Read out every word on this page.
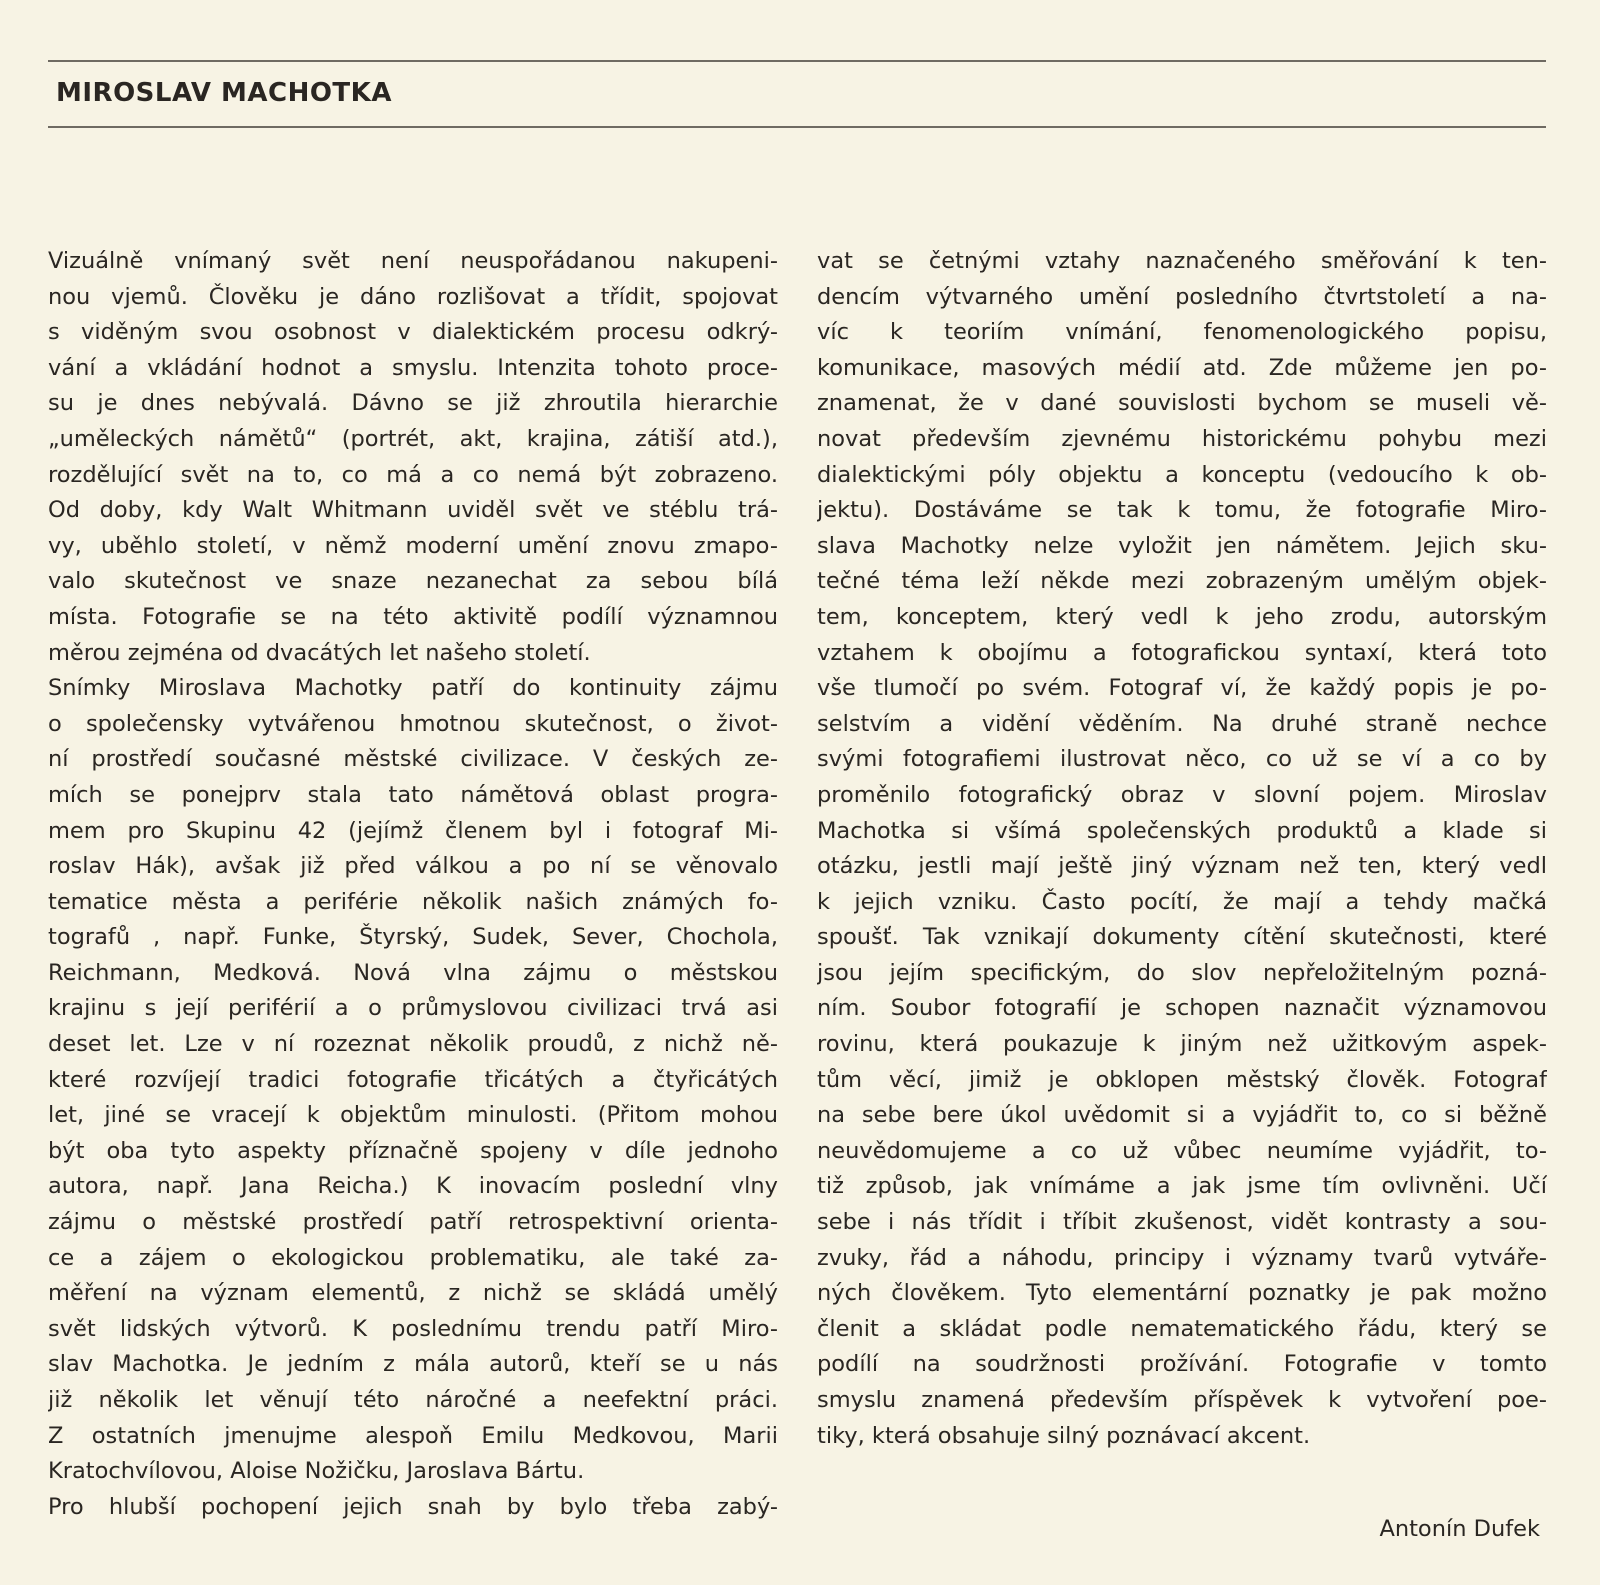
MIROSLAV MACHOTKA
Vizuálně vnímaný svět není neuspořádanou nakupeni-
nou vjemů. Člověku je dáno rozlišovat a třídit, spojovat
s viděným svou osobnost v dialektickém procesu odkrý-
vání a vkládání hodnot a smyslu. Intenzita tohoto proce-
su je dnes nebývalá. Dávno se již zhroutila hierarchie
„uměleckých námětů“ (portrét, akt, krajina, zátiší atd.),
rozdělující svět na to, co má a co nemá být zobrazeno.
Od doby, kdy Walt Whitmann uviděl svět ve stéblu trá-
vy, uběhlo století, v němž moderní umění znovu zmapo-
valo skutečnost ve snaze nezanechat za sebou bílá
místa. Fotografie se na této aktivitě podílí významnou
měrou zejména od dvacátých let našeho století.
Snímky Miroslava Machotky patří do kontinuity zájmu
o společensky vytvářenou hmotnou skutečnost, o život-
ní prostředí současné městské civilizace. V českých ze-
mích se ponejprv stala tato námětová oblast progra-
mem pro Skupinu 42 (jejímž členem byl i fotograf Mi-
roslav Hák), avšak již před válkou a po ní se věnovalo
tematice města a periférie několik našich známých fo-
tografů , např. Funke, Štyrský, Sudek, Sever, Chochola,
Reichmann, Medková. Nová vlna zájmu o městskou
krajinu s její periférií a o průmyslovou civilizaci trvá asi
deset let. Lze v ní rozeznat několik proudů, z nichž ně-
které rozvíjejí tradici fotografie třicátých a čtyřicátých
let, jiné se vracejí k objektům minulosti. (Přitom mohou
být oba tyto aspekty příznačně spojeny v díle jednoho
autora, např. Jana Reicha.) K inovacím poslední vlny
zájmu o městské prostředí patří retrospektivní orienta-
ce a zájem o ekologickou problematiku, ale také za-
měření na význam elementů, z nichž se skládá umělý
svět lidských výtvorů. K poslednímu trendu patří Miro-
slav Machotka. Je jedním z mála autorů, kteří se u nás
již několik let věnují této náročné a neefektní práci.
Z ostatních jmenujme alespoň Emilu Medkovou, Marii
Kratochvílovou, Aloise Nožičku, Jaroslava Bártu.
Pro hlubší pochopení jejich snah by bylo třeba zabý-
vat se četnými vztahy naznačeného směřování k ten-
dencím výtvarného umění posledního čtvrtstoletí a na-
víc k teoriím vnímání, fenomenologického popisu,
komunikace, masových médií atd. Zde můžeme jen po-
znamenat, že v dané souvislosti bychom se museli vě-
novat především zjevnému historickému pohybu mezi
dialektickými póly objektu a konceptu (vedoucího k ob-
jektu). Dostáváme se tak k tomu, že fotografie Miro-
slava Machotky nelze vyložit jen námětem. Jejich sku-
tečné téma leží někde mezi zobrazeným umělým objek-
tem, konceptem, který vedl k jeho zrodu, autorským
vztahem k obojímu a fotografickou syntaxí, která toto
vše tlumočí po svém. Fotograf ví, že každý popis je po-
selstvím a vidění věděním. Na druhé straně nechce
svými fotografiemi ilustrovat něco, co už se ví a co by
proměnilo fotografický obraz v slovní pojem. Miroslav
Machotka si všímá společenských produktů a klade si
otázku, jestli mají ještě jiný význam než ten, který vedl
k jejich vzniku. Často pocítí, že mají a tehdy mačká
spoušť. Tak vznikají dokumenty cítění skutečnosti, které
jsou jejím specifickým, do slov nepřeložitelným pozná-
ním. Soubor fotografií je schopen naznačit významovou
rovinu, která poukazuje k jiným než užitkovým aspek-
tům věcí, jimiž je obklopen městský člověk. Fotograf
na sebe bere úkol uvědomit si a vyjádřit to, co si běžně
neuvědomujeme a co už vůbec neumíme vyjádřit, to-
tiž způsob, jak vnímáme a jak jsme tím ovlivněni. Učí
sebe i nás třídit i tříbit zkušenost, vidět kontrasty a sou-
zvuky, řád a náhodu, principy i významy tvarů vytváře-
ných člověkem. Tyto elementární poznatky je pak možno
členit a skládat podle nematematického řádu, který se
podílí na soudržnosti prožívání. Fotografie v tomto
smyslu znamená především příspěvek k vytvoření poe-
tiky, která obsahuje silný poznávací akcent.
Antonín Dufek
